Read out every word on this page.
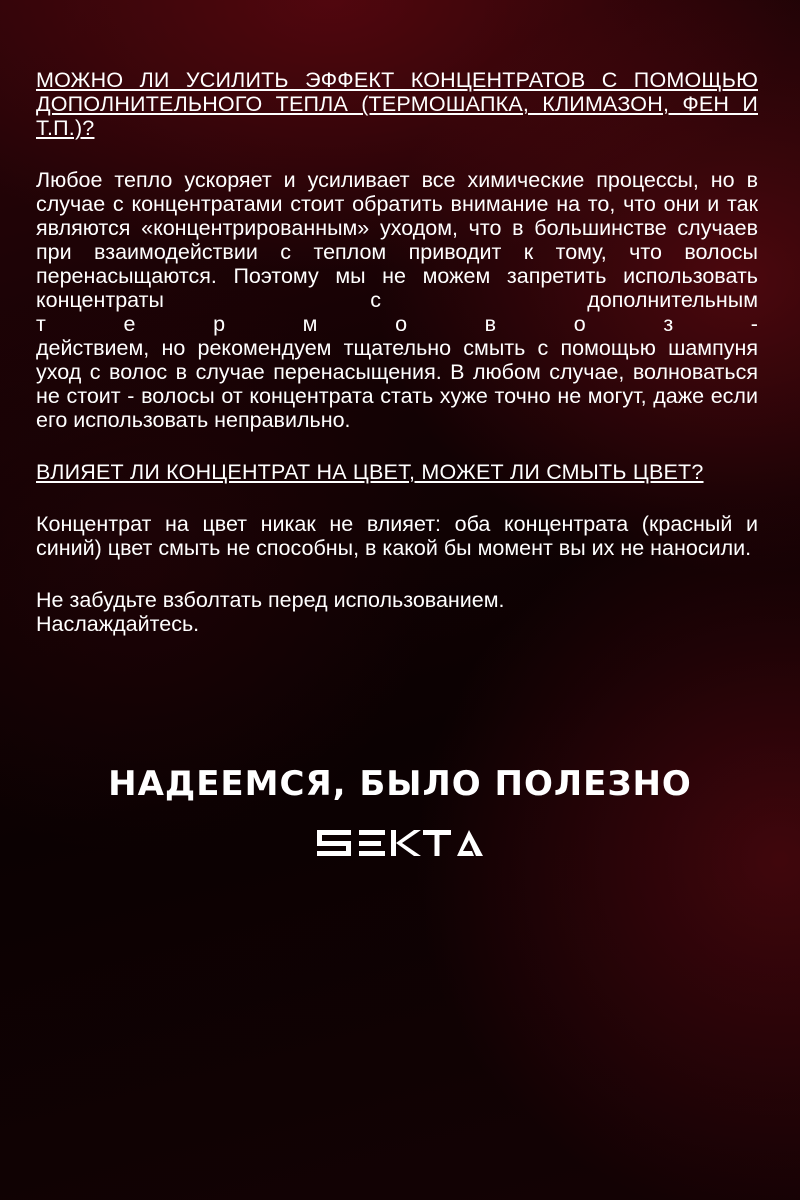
МОЖНО ЛИ УСИЛИТЬ ЭФФЕКТ КОНЦЕНТРАТОВ С ПОМОЩЬЮ ДОПОЛНИТЕЛЬНОГО ТЕПЛА (ТЕРМОШАПКА, КЛИМАЗОН, ФЕН И Т.П.)?

Любое тепло ускоряет и усиливает все химические процессы, но в случае с концентратами стоит обратить внимание на то, что они и так являются «концентрированным» уходом, что в большинстве случаев при взаимодействии с теплом приводит к тому, что волосы перенасыщаются. Поэтому мы не можем запретить использовать концентраты с дополнительным
т	е	р	м	о	в	о	з	-
действием, но рекомендуем тщательно смыть с помощью шампуня уход с волос в случае перенасыщения. В любом случае, волноваться не стоит - волосы от концентрата стать хуже точно не могут, даже если его использовать неправильно.

ВЛИЯЕТ ЛИ КОНЦЕНТРАТ НА ЦВЕТ, МОЖЕТ ЛИ СМЫТЬ ЦВЕТ?

Концентрат на цвет никак не влияет: оба концентрата (красный и синий) цвет смыть не способны, в какой бы момент вы их не наносили.

Не забудьте взболтать перед использованием.
Наслаждайтесь.

НАДЕЕМСЯ, БЫЛО ПОЛЕЗНО
